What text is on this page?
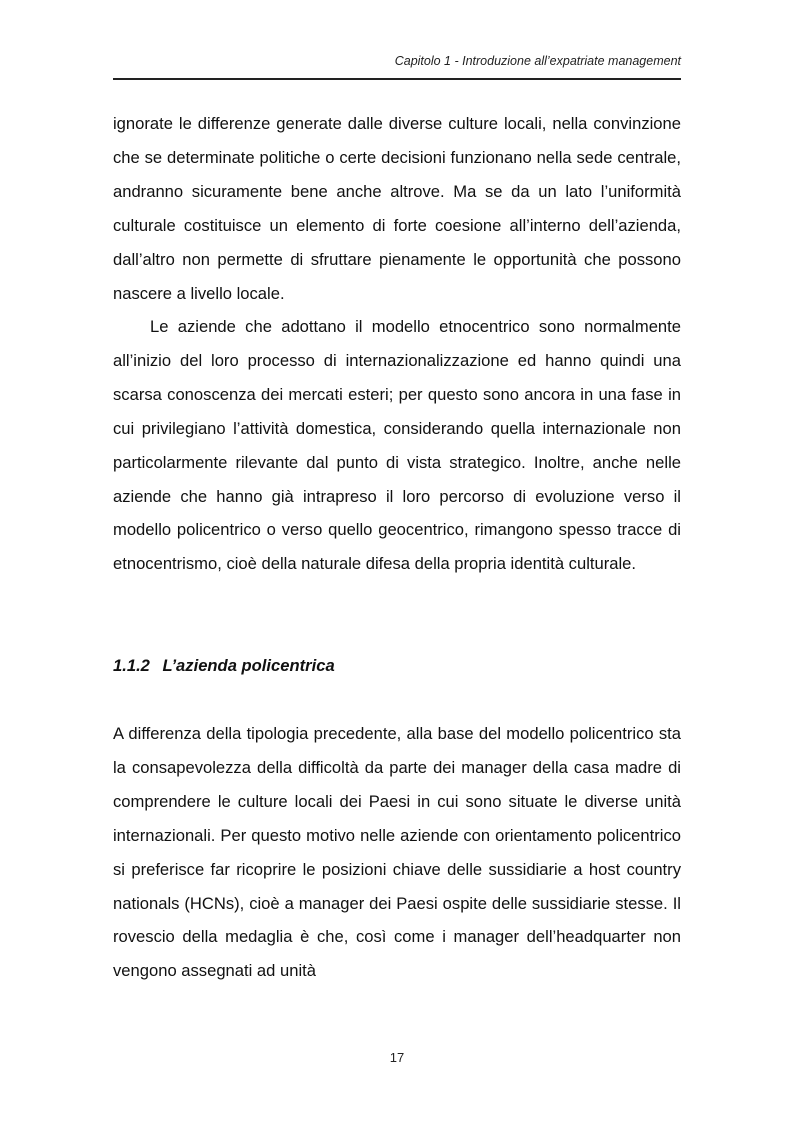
Capitolo 1 - Introduzione all’expatriate management

ignorate le differenze generate dalle diverse culture locali, nella convinzione che se determinate politiche o certe decisioni funzionano nella sede centrale, andranno sicuramente bene anche altrove. Ma se da un lato l’uniformità culturale costituisce un elemento di forte coesione all’interno dell’azienda, dall’altro non permette di sfruttare pienamente le opportunità che possono nascere a livello locale.

Le aziende che adottano il modello etnocentrico sono normalmente all’inizio del loro processo di internazionalizzazione ed hanno quindi una scarsa conoscenza dei mercati esteri; per questo sono ancora in una fase in cui privilegiano l’attività domestica, considerando quella internazionale non particolarmente rilevante dal punto di vista strategico. Inoltre, anche nelle aziende che hanno già intrapreso il loro percorso di evoluzione verso il modello policentrico o verso quello geocentrico, rimangono spesso tracce di etnocentrismo, cioè della naturale difesa della propria identità culturale.

1.1.2 L’azienda policentrica

A differenza della tipologia precedente, alla base del modello policentrico sta la consapevolezza della difficoltà da parte dei manager della casa madre di comprendere le culture locali dei Paesi in cui sono situate le diverse unità internazionali. Per questo motivo nelle aziende con orientamento policentrico si preferisce far ricoprire le posizioni chiave delle sussidiarie a host country nationals (HCNs), cioè a manager dei Paesi ospite delle sussidiarie stesse. Il rovescio della medaglia è che, così come i manager dell’headquarter non vengono assegnati ad unità

17
